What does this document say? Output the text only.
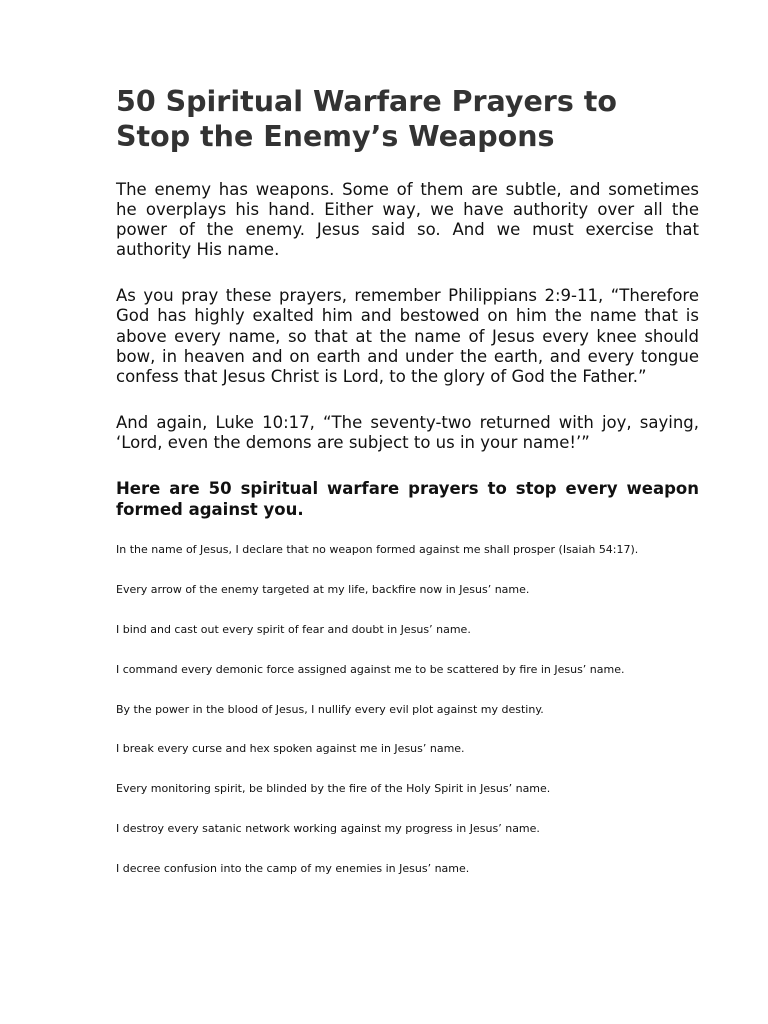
50 Spiritual Warfare Prayers to Stop the Enemy’s Weapons

The enemy has weapons. Some of them are subtle, and sometimes he overplays his hand. Either way, we have authority over all the power of the enemy. Jesus said so. And we must exercise that authority His name.

As you pray these prayers, remember Philippians 2:9-11, “Therefore God has highly exalted him and bestowed on him the name that is above every name, so that at the name of Jesus every knee should bow, in heaven and on earth and under the earth, and every tongue confess that Jesus Christ is Lord, to the glory of God the Father.”

And again, Luke 10:17, “The seventy-two returned with joy, saying, ‘Lord, even the demons are subject to us in your name!’”

Here are 50 spiritual warfare prayers to stop every weapon formed against you.

In the name of Jesus, I declare that no weapon formed against me shall prosper (Isaiah 54:17).
Every arrow of the enemy targeted at my life, backfire now in Jesus’ name.
I bind and cast out every spirit of fear and doubt in Jesus’ name.
I command every demonic force assigned against me to be scattered by fire in Jesus’ name.
By the power in the blood of Jesus, I nullify every evil plot against my destiny.
I break every curse and hex spoken against me in Jesus’ name.
Every monitoring spirit, be blinded by the fire of the Holy Spirit in Jesus’ name.
I destroy every satanic network working against my progress in Jesus’ name.
I decree confusion into the camp of my enemies in Jesus’ name.
